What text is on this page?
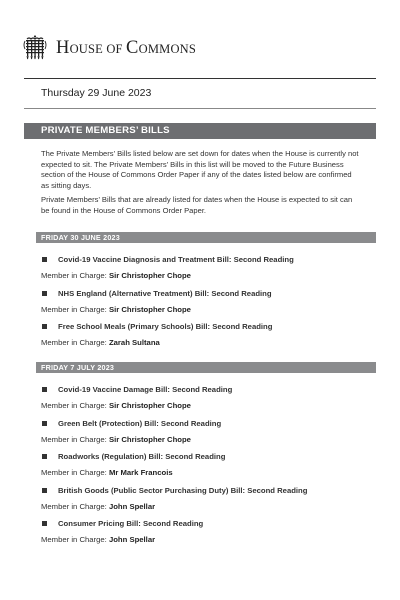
HOUSE OF COMMONS
Thursday 29 June 2023
PRIVATE MEMBERS’ BILLS

The Private Members’ Bills listed below are set down for dates when the House is currently not expected to sit. The Private Members’ Bills in this list will be moved to the Future Business section of the House of Commons Order Paper if any of the dates listed below are confirmed as sitting days.

Private Members’ Bills that are already listed for dates when the House is expected to sit can be found in the House of Commons Order Paper.

FRIDAY 30 JUNE 2023
Covid-19 Vaccine Diagnosis and Treatment Bill: Second Reading
Member in Charge: Sir Christopher Chope
NHS England (Alternative Treatment) Bill: Second Reading
Member in Charge: Sir Christopher Chope
Free School Meals (Primary Schools) Bill: Second Reading
Member in Charge: Zarah Sultana
FRIDAY 7 JULY 2023
Covid-19 Vaccine Damage Bill: Second Reading
Member in Charge: Sir Christopher Chope
Green Belt (Protection) Bill: Second Reading
Member in Charge: Sir Christopher Chope
Roadworks (Regulation) Bill: Second Reading
Member in Charge: Mr Mark Francois
British Goods (Public Sector Purchasing Duty) Bill: Second Reading
Member in Charge: John Spellar
Consumer Pricing Bill: Second Reading
Member in Charge: John Spellar
